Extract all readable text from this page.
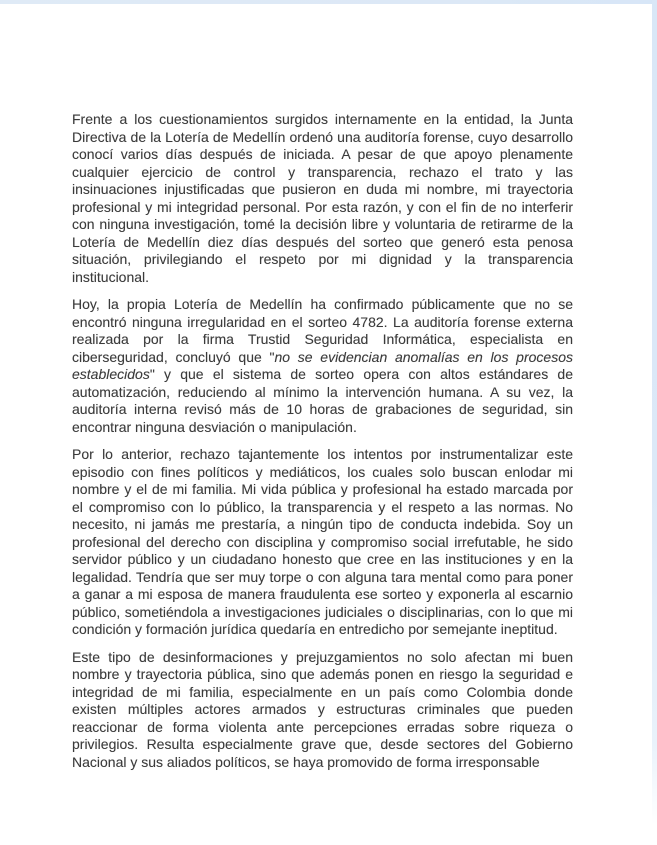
Frente a los cuestionamientos surgidos internamente en la entidad, la Junta Directiva de la Lotería de Medellín ordenó una auditoría forense, cuyo desarrollo conocí varios días después de iniciada. A pesar de que apoyo plenamente cualquier ejercicio de control y transparencia, rechazo el trato y las insinuaciones injustificadas que pusieron en duda mi nombre, mi trayectoria profesional y mi integridad personal. Por esta razón, y con el fin de no interferir con ninguna investigación, tomé la decisión libre y voluntaria de retirarme de la Lotería de Medellín diez días después del sorteo que generó esta penosa situación, privilegiando el respeto por mi dignidad y la transparencia institucional.

Hoy, la propia Lotería de Medellín ha confirmado públicamente que no se encontró ninguna irregularidad en el sorteo 4782. La auditoría forense externa realizada por la firma Trustid Seguridad Informática, especialista en ciberseguridad, concluyó que "no se evidencian anomalías en los procesos establecidos" y que el sistema de sorteo opera con altos estándares de automatización, reduciendo al mínimo la intervención humana. A su vez, la auditoría interna revisó más de 10 horas de grabaciones de seguridad, sin encontrar ninguna desviación o manipulación.

Por lo anterior, rechazo tajantemente los intentos por instrumentalizar este episodio con fines políticos y mediáticos, los cuales solo buscan enlodar mi nombre y el de mi familia. Mi vida pública y profesional ha estado marcada por el compromiso con lo público, la transparencia y el respeto a las normas. No necesito, ni jamás me prestaría, a ningún tipo de conducta indebida. Soy un profesional del derecho con disciplina y compromiso social irrefutable, he sido servidor público y un ciudadano honesto que cree en las instituciones y en la legalidad. Tendría que ser muy torpe o con alguna tara mental como para poner a ganar a mi esposa de manera fraudulenta ese sorteo y exponerla al escarnio público, sometiéndola a investigaciones judiciales o disciplinarias, con lo que mi condición y formación jurídica quedaría en entredicho por semejante ineptitud.

Este tipo de desinformaciones y prejuzgamientos no solo afectan mi buen nombre y trayectoria pública, sino que además ponen en riesgo la seguridad e integridad de mi familia, especialmente en un país como Colombia donde existen múltiples actores armados y estructuras criminales que pueden reaccionar de forma violenta ante percepciones erradas sobre riqueza o privilegios. Resulta especialmente grave que, desde sectores del Gobierno Nacional y sus aliados políticos, se haya promovido de forma irresponsable
